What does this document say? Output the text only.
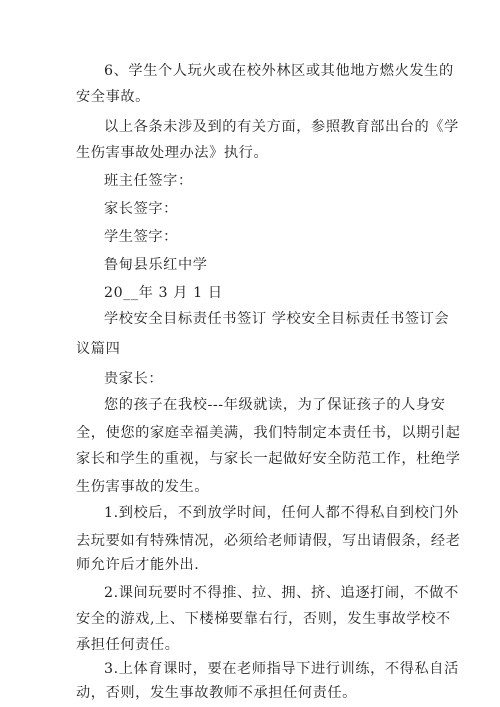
6、学生个人玩火或在校外林区或其他地方燃火发生的
安全事故。
以上各条未涉及到的有关方面，参照教育部出台的《学
生伤害事故处理办法》执行。
班主任签字：
家长签字：
学生签字：
鲁甸县乐红中学
20__年 3 月 1 日
学校安全目标责任书签订 学校安全目标责任书签订会
议篇四
贵家长：
您的孩子在我校---年级就读，为了保证孩子的人身安
全，使您的家庭幸福美满，我们特制定本责任书，以期引起
家长和学生的重视，与家长一起做好安全防范工作，杜绝学
生伤害事故的发生。
1.到校后，不到放学时间，任何人都不得私自到校门外
去玩要如有特殊情况，必须给老师请假，写出请假条，经老
师允许后才能外出.
2.课间玩要时不得推、拉、拥、挤、追逐打闹，不做不
安全的游戏,上、下楼梯要靠右行，否则，发生事故学校不
承担任何责任。
3.上体育课时，要在老师指导下进行训练，不得私自活
动，否则，发生事故教师不承担任何责任。
